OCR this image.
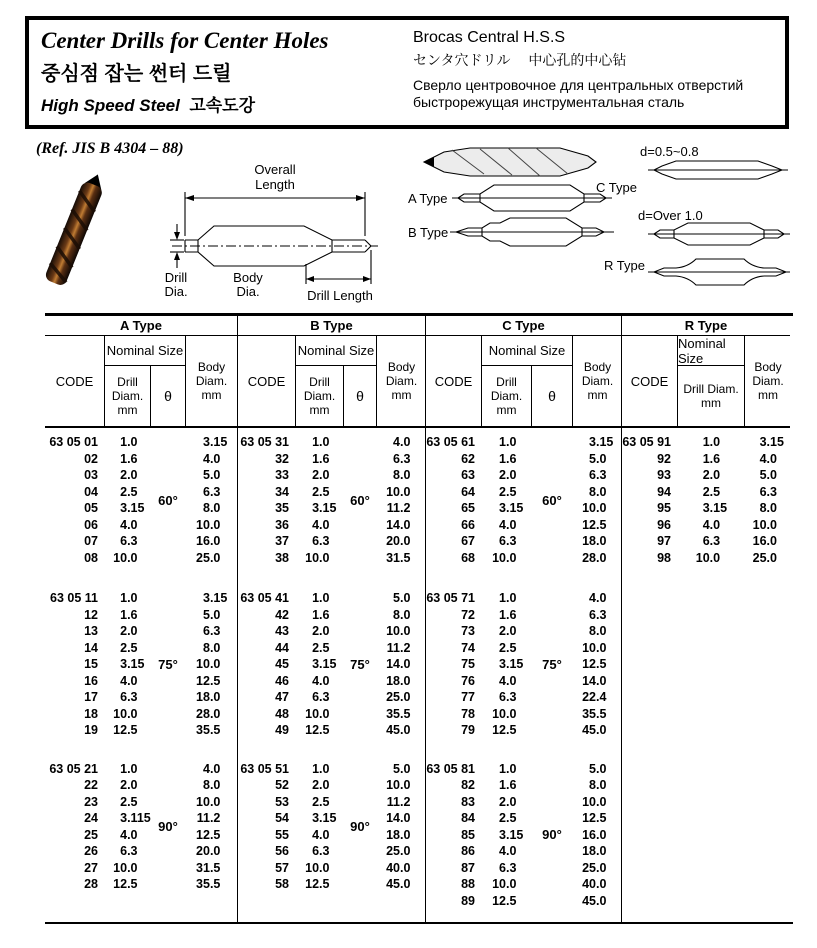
Center Drills for Center Holes
중심점 잡는 썬터 드릴
High Speed Steel 고속도강
Brocas Central H.S.S
センタ穴ドリル　 中心孔的中心钻
Сверло центровочное для центральных отверстий
быстрорежущая инструментальная сталь
(Ref. JIS B 4304 – 88)
Overall
Length
Drill
Dia.
Body
Dia.	Drill Length
A Type
B Type
d=0.5~0.8
C Type
d=Over 1.0
R Type
A Type
CODE
Nominal Size
Drill
Diam.
mm
θ
Body
Diam.
mm
63 05 01	1 .0	3 .15
02	1 .6	4 .0
03	2 .0	5 .0
04	2 .5	6 .3
05	3 .15	8 .0
06	4 .0	10 .0
07	6 .3	16 .0
08	10 .0	25 .0
60°
63 05 11	1 .0	3 .15
12	1 .6	5 .0
13	2 .0	6 .3
14	2 .5	8 .0
15	3 .15	10 .0
16	4 .0	12 .5
17	6 .3	18 .0
18	10 .0	28 .0
19	12 .5	35 .5
75°
63 05 21	1 .0	4 .0
22	2 .0	8 .0
23	2 .5	10 .0
24	3 .115	11 .2
25	4 .0	12 .5
26	6 .3	20 .0
27	10 .0	31 .5
28	12 .5	35 .5
90°
B Type
CODE
Nominal Size
Drill
Diam.
mm
θ
Body
Diam.
mm
63 05 31	1 .0	4 .0
32	1 .6	6 .3
33	2 .0	8 .0
34	2 .5	10 .0
35	3 .15	11 .2
36	4 .0	14 .0
37	6 .3	20 .0
38	10 .0	31 .5
60°
63 05 41	1 .0	5 .0
42	1 .6	8 .0
43	2 .0	10 .0
44	2 .5	11 .2
45	3 .15	14 .0
46	4 .0	18 .0
47	6 .3	25 .0
48	10 .0	35 .5
49	12 .5	45 .0
75°
63 05 51	1 .0	5 .0
52	2 .0	10 .0
53	2 .5	11 .2
54	3 .15	14 .0
55	4 .0	18 .0
56	6 .3	25 .0
57	10 .0	40 .0
58	12 .5	45 .0
90°
C Type
CODE
Nominal Size
Drill
Diam.
mm
θ
Body
Diam.
mm
63 05 61	1 .0	3 .15
62	1 .6	5 .0
63	2 .0	6 .3
64	2 .5	8 .0
65	3 .15	10 .0
66	4 .0	12 .5
67	6 .3	18 .0
68	10 .0	28 .0
60°
63 05 71	1 .0	4 .0
72	1 .6	6 .3
73	2 .0	8 .0
74	2 .5	10 .0
75	3 .15	12 .5
76	4 .0	14 .0
77	6 .3	22 .4
78	10 .0	35 .5
79	12 .5	45 .0
75°
63 05 81	1 .0	5 .0
82	1 .6	8 .0
83	2 .0	10 .0
84	2 .5	12 .5
85	3 .15	16 .0
86	4 .0	18 .0
87	6 .3	25 .0
88	10 .0	40 .0
89	12 .5	45 .0
90°
R Type
CODE
Nominal Size
Drill Diam.
mm
Body
Diam.
mm
63 05 91	1 .0	3 .15
92	1 .6	4 .0
93	2 .0	5 .0
94	2 .5	6 .3
95	3 .15	8 .0
96	4 .0	10 .0
97	6 .3	16 .0
98	10 .0	25 .0
